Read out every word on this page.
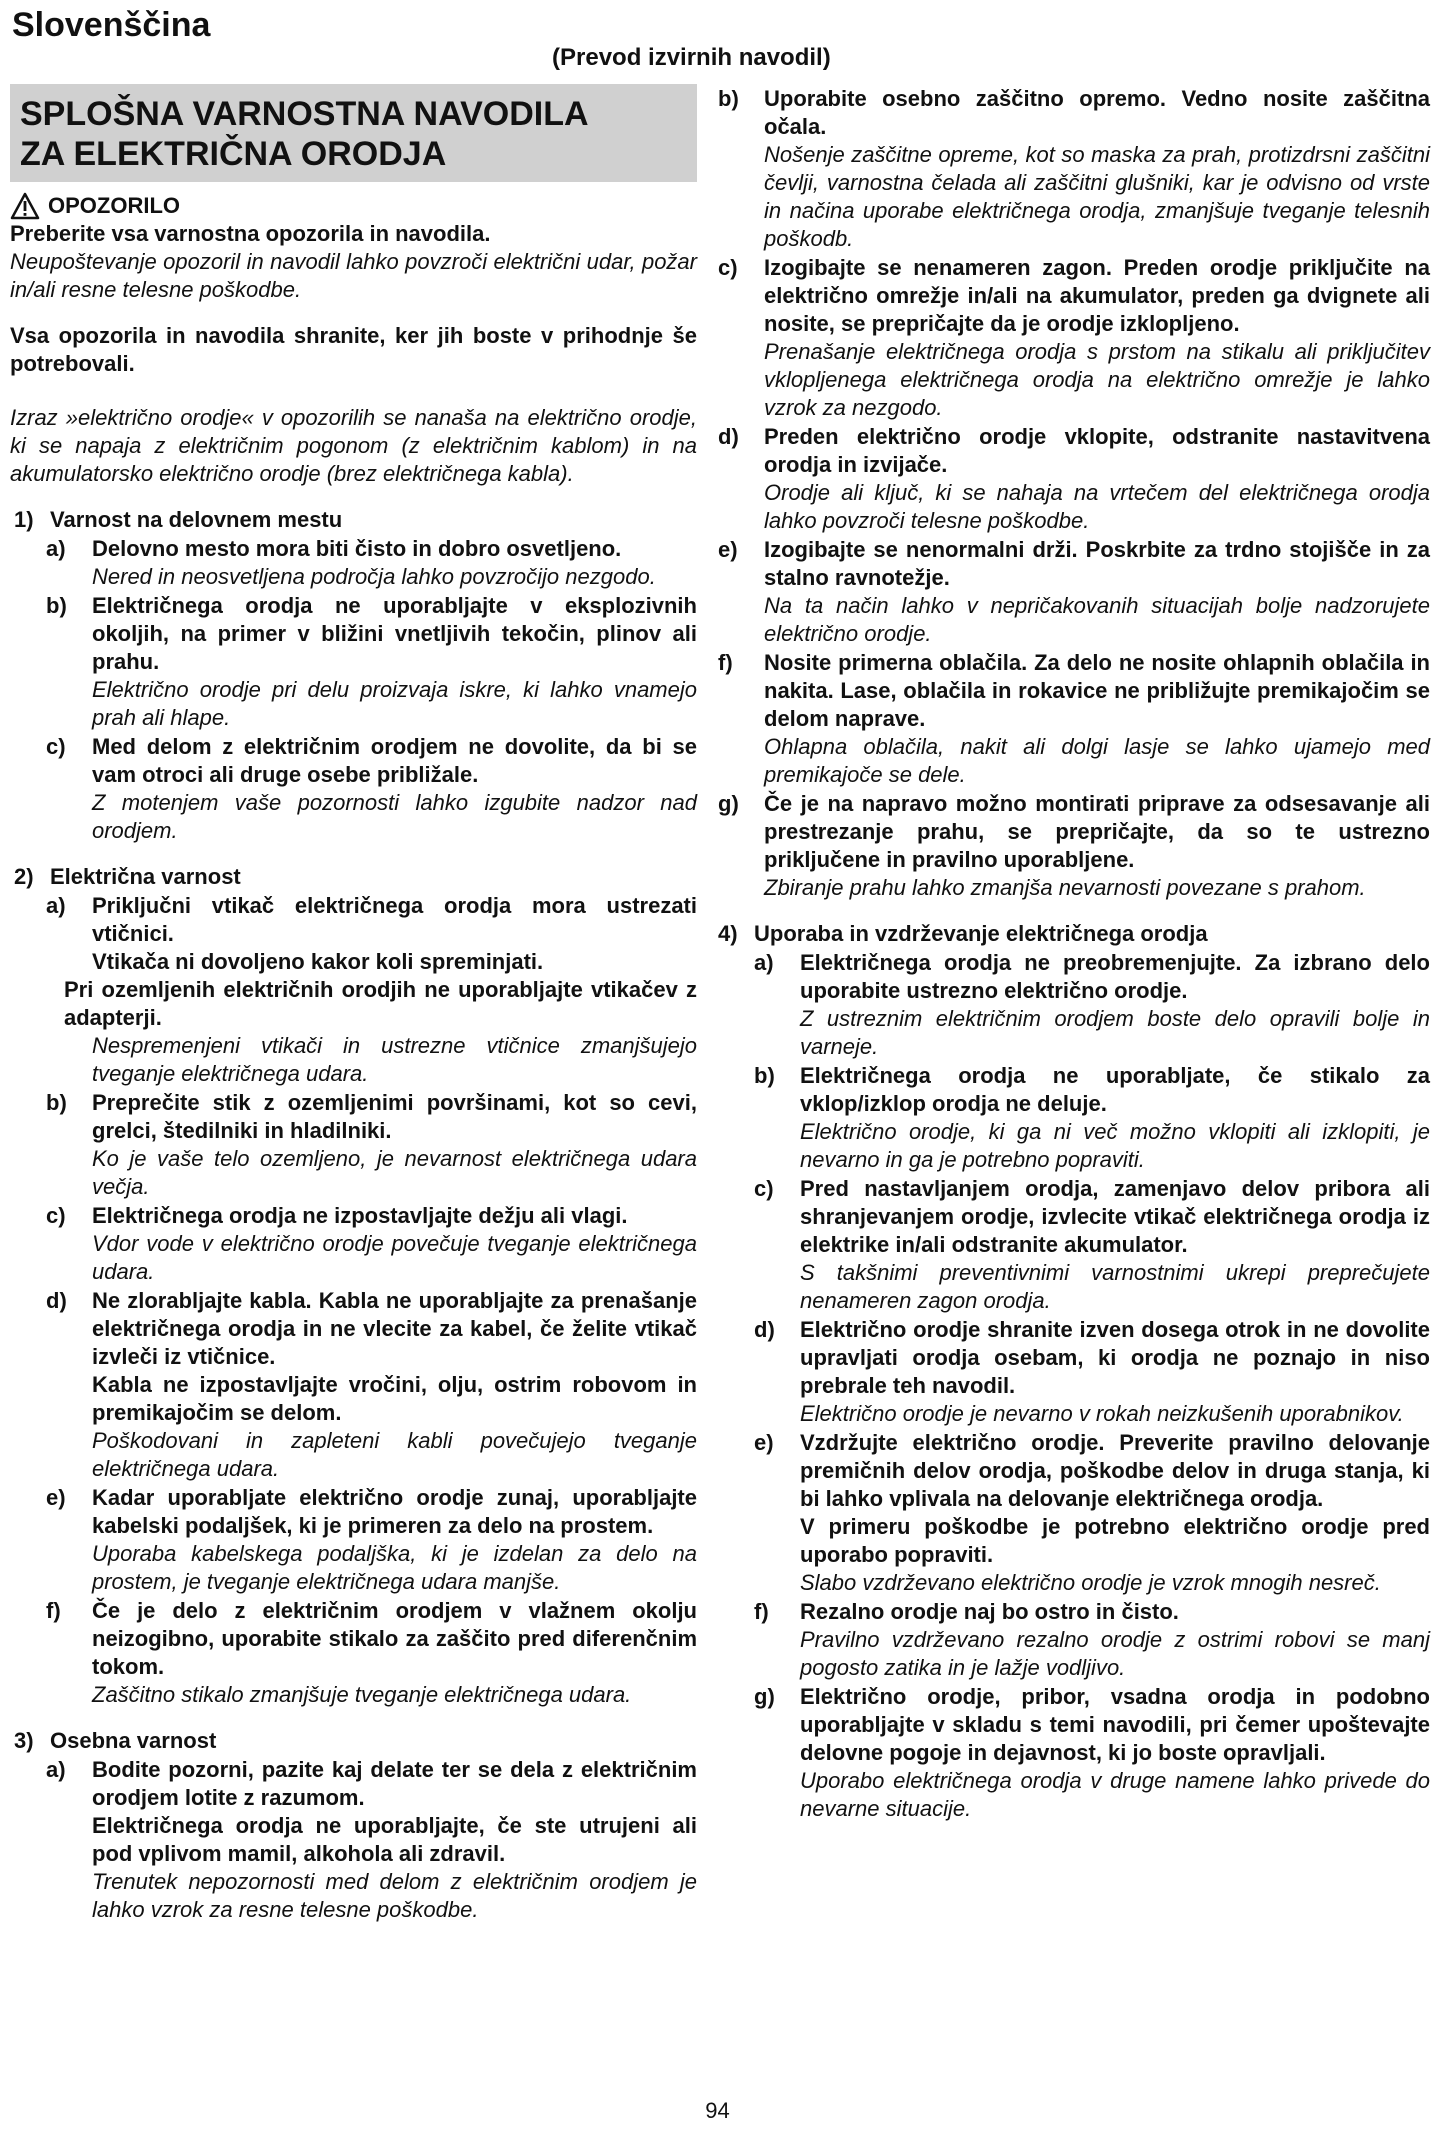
Slovenščina
(Prevod izvirnih navodil)
SPLOŠNA VARNOSTNA NAVODILA
ZA ELEKTRIČNA ORODJA
OPOZORILO

Preberite vsa varnostna opozorila in navodila.

Neupoštevanje opozoril in navodil lahko povzroči električni udar, požar in/ali resne telesne poškodbe.

Vsa opozorila in navodila shranite, ker jih boste v prihodnje še potrebovali.

Izraz »električno orodje« v opozorilih se nanaša na električno orodje, ki se napaja z električnim pogonom (z električnim kablom) in na akumulatorsko električno orodje (brez električnega kabla).

1) Varnost na delovnem mestu
a)	Delovno mesto mora biti čisto in dobro osvetljeno.

Nered in neosvetljena področja lahko povzročijo nezgodo.

b)	Električnega orodja ne uporabljajte v eksplozivnih okoljih, na primer v bližini vnetljivih tekočin, plinov ali prahu.

Električno orodje pri delu proizvaja iskre, ki lahko vnamejo prah ali hlape.

c)	Med delom z električnim orodjem ne dovolite, da bi se vam otroci ali druge osebe približale.

Z motenjem vaše pozornosti lahko izgubite nadzor nad orodjem.

2) Električna varnost
a)	Priključni vtikač električnega orodja mora ustrezati vtičnici.

Vtikača ni dovoljeno kakor koli spreminjati.

Pri ozemljenih električnih orodjih ne uporabljajte vtikačev z adapterji.

Nespremenjeni vtikači in ustrezne vtičnice zmanjšujejo tveganje električnega udara.

b)	Preprečite stik z ozemljenimi površinami, kot so cevi, grelci, štedilniki in hladilniki.

Ko je vaše telo ozemljeno, je nevarnost električnega udara večja.

c)	Električnega orodja ne izpostavljajte dežju ali vlagi.

Vdor vode v električno orodje povečuje tveganje električnega udara.

d)	Ne zlorabljajte kabla. Kabla ne uporabljajte za prenašanje električnega orodja in ne vlecite za kabel, če želite vtikač izvleči iz vtičnice.

Kabla ne izpostavljajte vročini, olju, ostrim robovom in premikajočim se delom.

Poškodovani in zapleteni kabli povečujejo tveganje električnega udara.

e)	Kadar uporabljate električno orodje zunaj, uporabljajte kabelski podaljšek, ki je primeren za delo na prostem.

Uporaba kabelskega podaljška, ki je izdelan za delo na prostem, je tveganje električnega udara manjše.

f)	Če je delo z električnim orodjem v vlažnem okolju neizogibno, uporabite stikalo za zaščito pred diferenčnim tokom.

Zaščitno stikalo zmanjšuje tveganje električnega udara.

3) Osebna varnost
a)	Bodite pozorni, pazite kaj delate ter se dela z električnim orodjem lotite z razumom.

Električnega orodja ne uporabljajte, če ste utrujeni ali pod vplivom mamil, alkohola ali zdravil.

Trenutek nepozornosti med delom z električnim orodjem je lahko vzrok za resne telesne poškodbe.

b)	Uporabite osebno zaščitno opremo. Vedno nosite zaščitna očala.

Nošenje zaščitne opreme, kot so maska za prah, protizdrsni zaščitni čevlji, varnostna čelada ali zaščitni glušniki, kar je odvisno od vrste in načina uporabe električnega orodja, zmanjšuje tveganje telesnih poškodb.

c)	Izogibajte se nenameren zagon. Preden orodje priključite na električno omrežje in/ali na akumulator, preden ga dvignete ali nosite, se prepričajte da je orodje izklopljeno.

Prenašanje električnega orodja s prstom na stikalu ali priključitev vklopljenega električnega orodja na električno omrežje je lahko vzrok za nezgodo.

d)	Preden električno orodje vklopite, odstranite nastavitvena orodja in izvijače.

Orodje ali ključ, ki se nahaja na vrtečem del električnega orodja lahko povzroči telesne poškodbe.

e)	Izogibajte se nenormalni drži. Poskrbite za trdno stojišče in za stalno ravnotežje.

Na ta način lahko v nepričakovanih situacijah bolje nadzorujete električno orodje.

f)	Nosite primerna oblačila. Za delo ne nosite ohlapnih oblačila in nakita. Lase, oblačila in rokavice ne približujte premikajočim se delom naprave.

Ohlapna oblačila, nakit ali dolgi lasje se lahko ujamejo med premikajoče se dele.

g)	Če je na napravo možno montirati priprave za odsesavanje ali prestrezanje prahu, se prepričajte, da so te ustrezno priključene in pravilno uporabljene.

Zbiranje prahu lahko zmanjša nevarnosti povezane s prahom.

4) Uporaba in vzdrževanje električnega orodja
a)	Električnega orodja ne preobremenjujte. Za izbrano delo uporabite ustrezno električno orodje.

Z ustreznim električnim orodjem boste delo opravili bolje in varneje.

b)	Električnega orodja ne uporabljate, če stikalo za vklop/izklop orodja ne deluje.

Električno orodje, ki ga ni več možno vklopiti ali izklopiti, je nevarno in ga je potrebno popraviti.

c)	Pred nastavljanjem orodja, zamenjavo delov pribora ali shranjevanjem orodje, izvlecite vtikač električnega orodja iz elektrike in/ali odstranite akumulator.

S takšnimi preventivnimi varnostnimi ukrepi preprečujete nenameren zagon orodja.

d)	Električno orodje shranite izven dosega otrok in ne dovolite upravljati orodja osebam, ki orodja ne poznajo in niso prebrale teh navodil.

Električno orodje je nevarno v rokah neizkušenih uporabnikov.

e)	Vzdržujte električno orodje. Preverite pravilno delovanje premičnih delov orodja, poškodbe delov in druga stanja, ki bi lahko vplivala na delovanje električnega orodja.

V primeru poškodbe je potrebno električno orodje pred uporabo popraviti.

Slabo vzdrževano električno orodje je vzrok mnogih nesreč.

f)	Rezalno orodje naj bo ostro in čisto.

Pravilno vzdrževano rezalno orodje z ostrimi robovi se manj pogosto zatika in je lažje vodljivo.

g)	Električno orodje, pribor, vsadna orodja in podobno uporabljajte v skladu s temi navodili, pri čemer upoštevajte delovne pogoje in dejavnost, ki jo boste opravljali.

Uporabo električnega orodja v druge namene lahko privede do nevarne situacije.

94
